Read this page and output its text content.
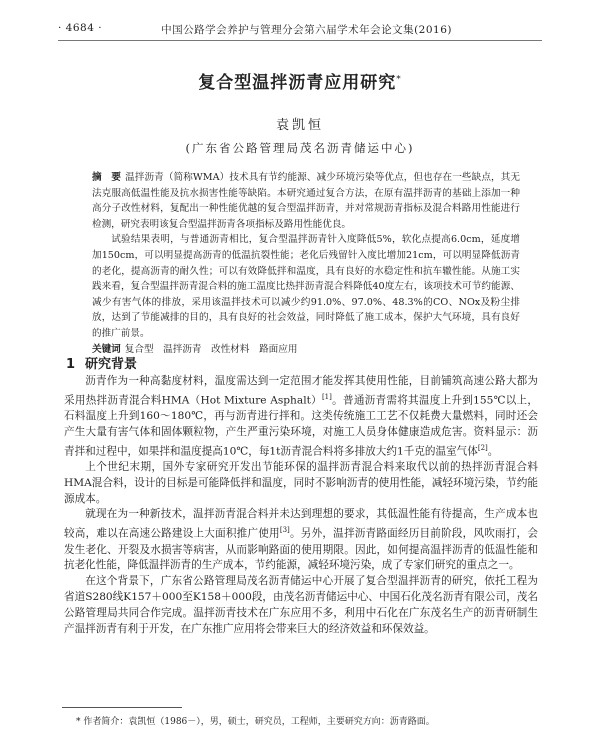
· 4684 ·	中国公路学会养护与管理分会第六届学术年会论文集(2016)
复合型温拌沥青应用研究*
袁凯恒
(广东省公路管理局茂名沥青储运中心)

摘　要 温拌沥青（简称WMA）技术具有节约能源、减少环境污染等优点，但也存在一些缺点，其无法克服高低温性能及抗水损害性能等缺陷。本研究通过复合方法，在原有温拌沥青的基础上添加一种高分子改性材料，复配出一种性能优越的复合型温拌沥青，并对常规沥青指标及混合料路用性能进行检测，研究表明该复合型温拌沥青各项指标及路用性能优良。

试验结果表明，与普通沥青相比，复合型温拌沥青针入度降低5%，软化点提高6.0cm，延度增加150cm，可以明显提高沥青的低温抗裂性能；老化后残留针入度比增加21cm，可以明显降低沥青的老化，提高沥青的耐久性；可以有效降低拌和温度，具有良好的水稳定性和抗车辙性能。从施工实践来看，复合型温拌沥青混合料的施工温度比热拌沥青混合料降低40度左右，该项技术可节约能源、减少有害气体的排放，采用该温拌技术可以减少约91.0%、97.0%、48.3%的CO、NOx及粉尘排放，达到了节能减排的目的，具有良好的社会效益，同时降低了施工成本，保护大气环境，具有良好的推广前景。

关键词 复合型　温拌沥青　改性材料　路面应用

1 研究背景

沥青作为一种高黏度材料，温度需达到一定范围才能发挥其使用性能，目前铺筑高速公路大都为采用热拌沥青混合料HMA（Hot Mixture Asphalt）[1]。普通沥青需将其温度上升到155℃以上，石料温度上升到160～180℃，再与沥青进行拌和。这类传统施工工艺不仅耗费大量燃料，同时还会产生大量有害气体和固体颗粒物，产生严重污染环境，对施工人员身体健康造成危害。资料显示：沥青拌和过程中，如果拌和温度提高10℃，每1t沥青混合料将多排放大约1千克的温室气体[2]。

上个世纪末期，国外专家研究开发出节能环保的温拌沥青混合料来取代以前的热拌沥青混合料HMA混合料，设计的目标是可能降低拌和温度，同时不影响沥青的使用性能，减轻环境污染，节约能源成本。

就现在为一种新技术，温拌沥青混合料并未达到理想的要求，其低温性能有待提高，生产成本也较高，难以在高速公路建设上大面积推广使用[3]。另外，温拌沥青路面经历目前阶段，风吹雨打，会发生老化、开裂及水损害等病害，从而影响路面的使用期限。因此，如何提高温拌沥青的低温性能和抗老化性能，降低温拌沥青的生产成本，节约能源，减轻环境污染，成了专家们研究的重点之一。

在这个背景下，广东省公路管理局茂名沥青储运中心开展了复合型温拌沥青的研究，依托工程为省道S280线K157＋000至K158＋000段，由茂名沥青储运中心、中国石化茂名沥青有限公司，茂名公路管理局共同合作完成。温拌沥青技术在广东应用不多，利用中石化在广东茂名生产的沥青研制生产温拌沥青有利于开发，在广东推广应用将会带来巨大的经济效益和环保效益。

* 作者简介：袁凯恒（1986－），男，硕士，研究员，工程师，主要研究方向：沥青路面。
